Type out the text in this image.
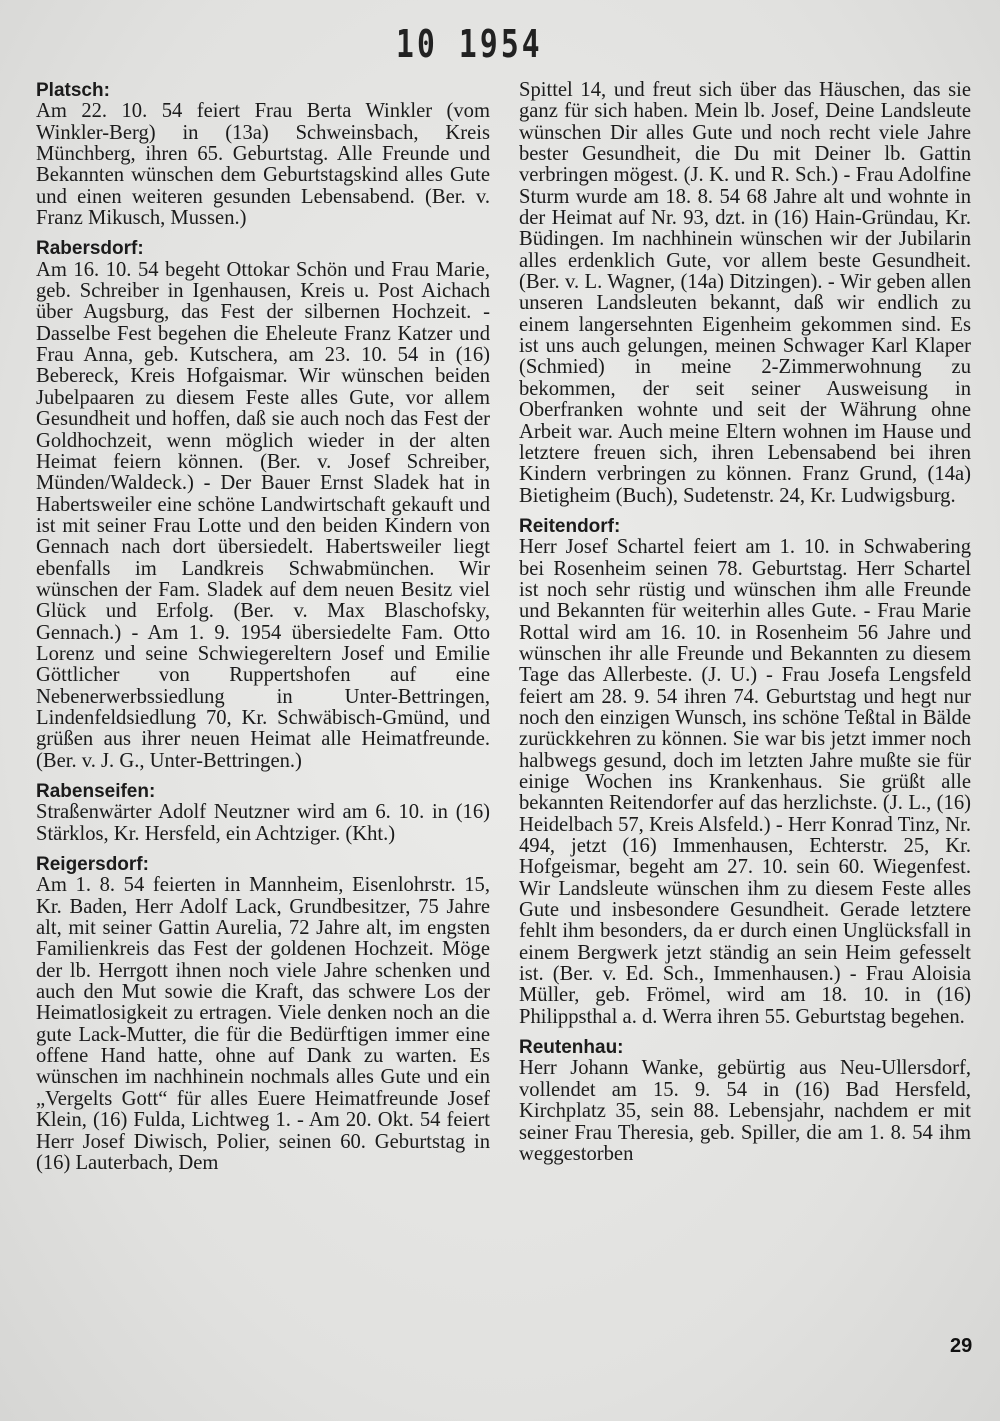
10 1954
Platsch:

Am 22. 10. 54 feiert Frau Berta Winkler (vom Winkler-Berg) in (13a) Schweinsbach, Kreis Münchberg, ihren 65. Geburtstag. Alle Freunde und Bekannten wünschen dem Geburtstagskind alles Gute und einen weiteren gesunden Lebensabend. (Ber. v. Franz Mikusch, Mussen.)

Rabersdorf:

Am 16. 10. 54 begeht Ottokar Schön und Frau Marie, geb. Schreiber in Igenhausen, Kreis u. Post Aichach über Augsburg, das Fest der silbernen Hochzeit. - Dasselbe Fest begehen die Eheleute Franz Katzer und Frau Anna, geb. Kutschera, am 23. 10. 54 in (16) Bebereck, Kreis Hofgaismar. Wir wünschen beiden Jubelpaaren zu diesem Feste alles Gute, vor allem Gesundheit und hoffen, daß sie auch noch das Fest der Goldhochzeit, wenn möglich wieder in der alten Heimat feiern können. (Ber. v. Josef Schreiber, Münden/Waldeck.) - Der Bauer Ernst Sladek hat in Habertsweiler eine schöne Landwirtschaft gekauft und ist mit seiner Frau Lotte und den beiden Kindern von Gennach nach dort übersiedelt. Habertsweiler liegt ebenfalls im Landkreis Schwabmünchen. Wir wünschen der Fam. Sladek auf dem neuen Besitz viel Glück und Erfolg. (Ber. v. Max Blaschofsky, Gennach.) - Am 1. 9. 1954 übersiedelte Fam. Otto Lorenz und seine Schwiegereltern Josef und Emilie Göttlicher von Ruppertshofen auf eine Nebenerwerbssiedlung in Unter-Bettringen, Lindenfeldsiedlung 70, Kr. Schwäbisch-Gmünd, und grüßen aus ihrer neuen Heimat alle Heimatfreunde. (Ber. v. J. G., Unter-Bettringen.)

Rabenseifen:

Straßenwärter Adolf Neutzner wird am 6. 10. in (16) Stärklos, Kr. Hersfeld, ein Achtziger. (Kht.)

Reigersdorf:

Am 1. 8. 54 feierten in Mannheim, Eisenlohrstr. 15, Kr. Baden, Herr Adolf Lack, Grundbesitzer, 75 Jahre alt, mit seiner Gattin Aurelia, 72 Jahre alt, im engsten Familienkreis das Fest der goldenen Hochzeit. Möge der lb. Herrgott ihnen noch viele Jahre schenken und auch den Mut sowie die Kraft, das schwere Los der Heimatlosigkeit zu ertragen. Viele denken noch an die gute Lack-Mutter, die für die Bedürftigen immer eine offene Hand hatte, ohne auf Dank zu warten. Es wünschen im nachhinein nochmals alles Gute und ein „Vergelts Gott“ für alles Euere Heimatfreunde Josef Klein, (16) Fulda, Lichtweg 1. - Am 20. Okt. 54 feiert Herr Josef Diwisch, Polier, seinen 60. Geburtstag in (16) Lauterbach, Dem

Spittel 14, und freut sich über das Häuschen, das sie ganz für sich haben. Mein lb. Josef, Deine Landsleute wünschen Dir alles Gute und noch recht viele Jahre bester Gesundheit, die Du mit Deiner lb. Gattin verbringen mögest. (J. K. und R. Sch.) - Frau Adolfine Sturm wurde am 18. 8. 54 68 Jahre alt und wohnte in der Heimat auf Nr. 93, dzt. in (16) Hain-Gründau, Kr. Büdingen. Im nachhinein wünschen wir der Jubilarin alles erdenklich Gute, vor allem beste Gesundheit. (Ber. v. L. Wagner, (14a) Ditzingen). - Wir geben allen unseren Landsleuten bekannt, daß wir endlich zu einem langersehnten Eigenheim gekommen sind. Es ist uns auch gelungen, meinen Schwager Karl Klaper (Schmied) in meine 2-Zimmerwohnung zu bekommen, der seit seiner Ausweisung in Oberfranken wohnte und seit der Währung ohne Arbeit war. Auch meine Eltern wohnen im Hause und letztere freuen sich, ihren Lebensabend bei ihren Kindern verbringen zu können. Franz Grund, (14a) Bietigheim (Buch), Sudetenstr. 24, Kr. Ludwigsburg.

Reitendorf:

Herr Josef Schartel feiert am 1. 10. in Schwabering bei Rosenheim seinen 78. Geburtstag. Herr Schartel ist noch sehr rüstig und wünschen ihm alle Freunde und Bekannten für weiterhin alles Gute. - Frau Marie Rottal wird am 16. 10. in Rosenheim 56 Jahre und wünschen ihr alle Freunde und Bekannten zu diesem Tage das Allerbeste. (J. U.) - Frau Josefa Lengsfeld feiert am 28. 9. 54 ihren 74. Geburtstag und hegt nur noch den einzigen Wunsch, ins schöne Teßtal in Bälde zurückkehren zu können. Sie war bis jetzt immer noch halbwegs gesund, doch im letzten Jahre mußte sie für einige Wochen ins Krankenhaus. Sie grüßt alle bekannten Reitendorfer auf das herzlichste. (J. L., (16) Heidelbach 57, Kreis Alsfeld.) - Herr Konrad Tinz, Nr. 494, jetzt (16) Immenhausen, Echterstr. 25, Kr. Hofgeismar, begeht am 27. 10. sein 60. Wiegenfest. Wir Landsleute wünschen ihm zu diesem Feste alles Gute und insbesondere Gesundheit. Gerade letztere fehlt ihm besonders, da er durch einen Unglücksfall in einem Bergwerk jetzt ständig an sein Heim gefesselt ist. (Ber. v. Ed. Sch., Immenhausen.) - Frau Aloisia Müller, geb. Frömel, wird am 18. 10. in (16) Philippsthal a. d. Werra ihren 55. Geburtstag begehen.

Reutenhau:

Herr Johann Wanke, gebürtig aus Neu-Ullersdorf, vollendet am 15. 9. 54 in (16) Bad Hersfeld, Kirchplatz 35, sein 88. Lebensjahr, nachdem er mit seiner Frau Theresia, geb. Spiller, die am 1. 8. 54 ihm weggestorben

29
